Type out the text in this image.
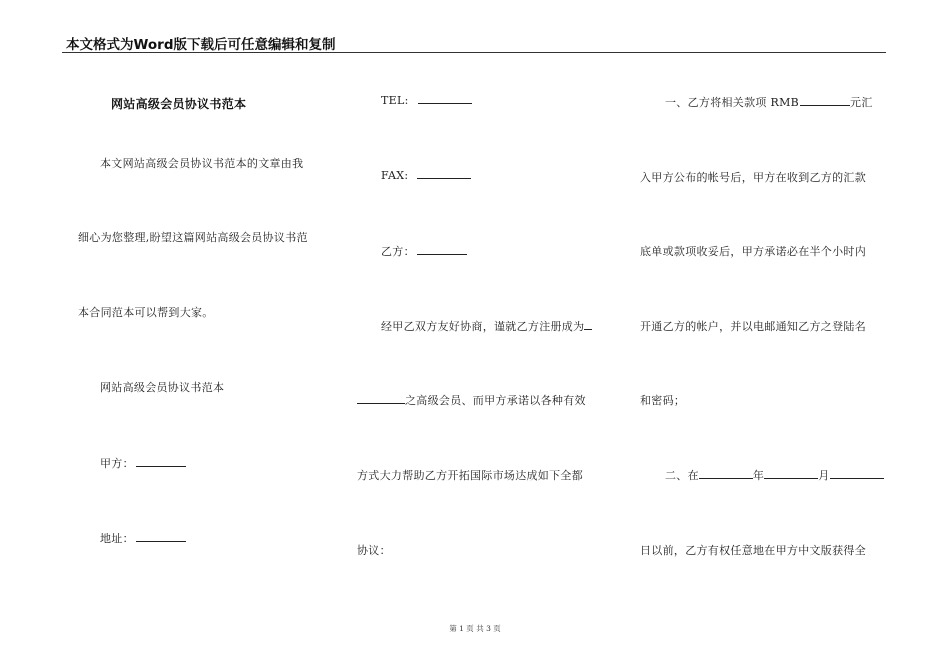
本文格式为Word版下载后可任意编辑和复制
网站高级会员协议书范本
本文网站高级会员协议书范本的文章由我
细心为您整理,盼望这篇网站高级会员协议书范
本合同范本可以帮到大家。
网站高级会员协议书范本
甲方：
地址：
TEL:
FAX:
乙方：
经甲乙双方友好协商，谨就乙方注册成为
之高级会员、而甲方承诺以各种有效
方式大力帮助乙方开拓国际市场达成如下全都
协议：
一、乙方将相关款项 RMB	元汇
入甲方公布的帐号后，甲方在收到乙方的汇款
底单或款项收妥后，甲方承诺必在半个小时内
开通乙方的帐户，并以电邮通知乙方之登陆名
和密码；
二、在	年	月
日以前，乙方有权任意地在甲方中文版获得全
第 1 页 共 3 页
